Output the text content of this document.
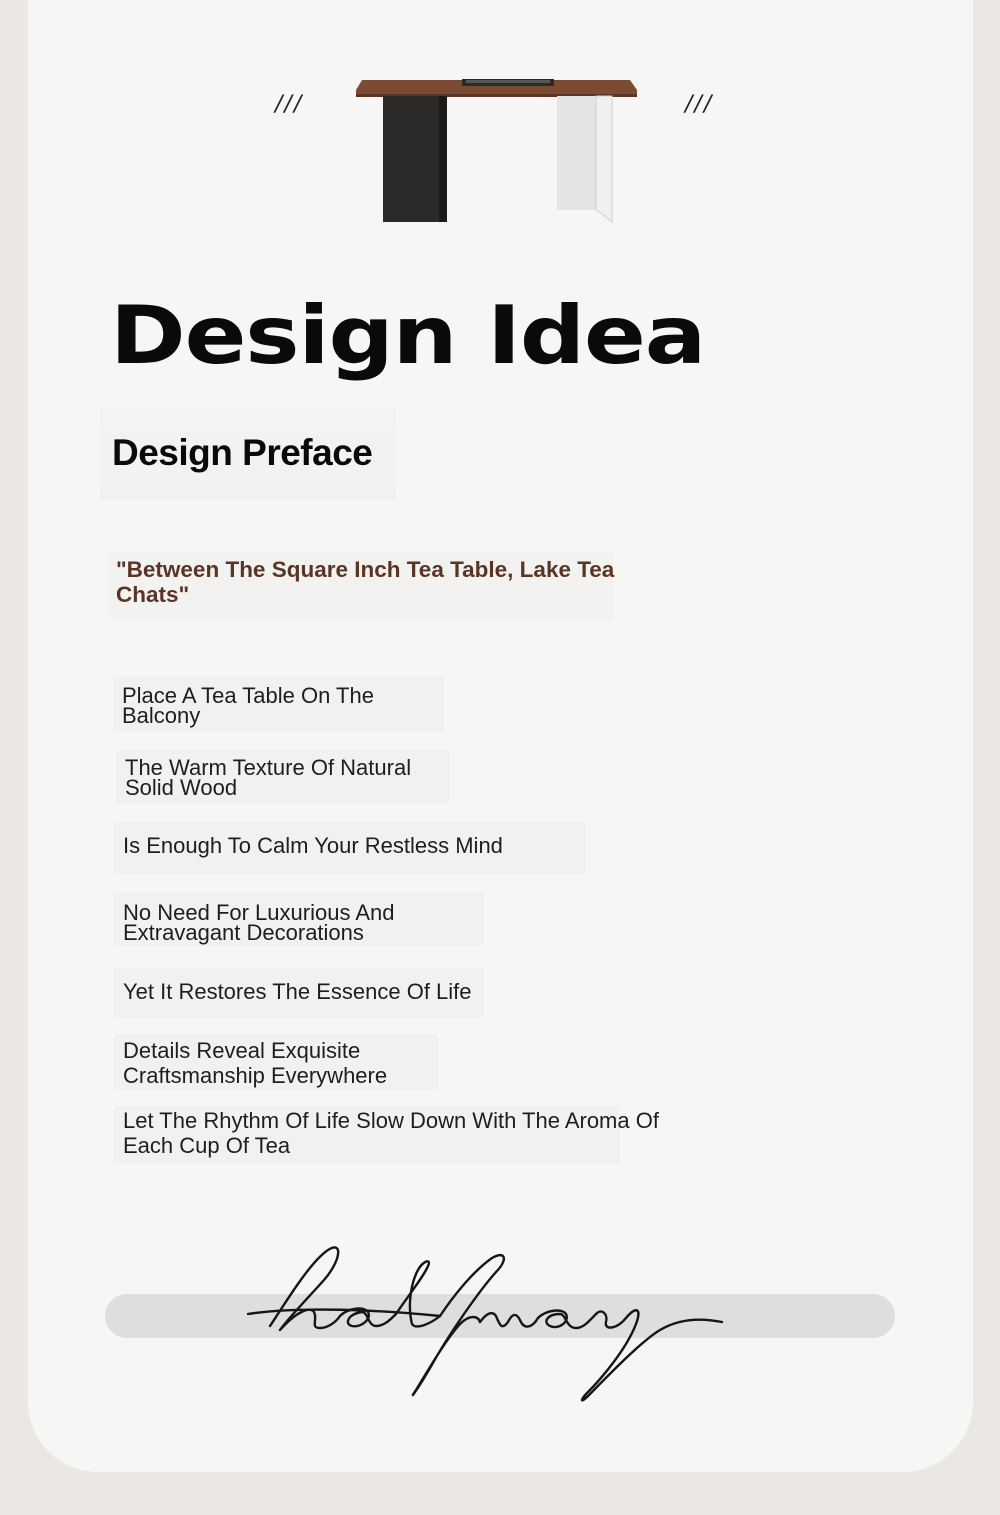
///	///
Design Idea
Design Preface

"Between The Square Inch Tea Table, Lake Tea Chats"

Place A Tea Table On The Balcony

The Warm Texture Of Natural Solid Wood

Is Enough To Calm Your Restless Mind

No Need For Luxurious And Extravagant Decorations

Yet It Restores The Essence Of Life

Details Reveal Exquisite Craftsmanship Everywhere

Let The Rhythm Of Life Slow Down With The Aroma Of Each Cup Of Tea
